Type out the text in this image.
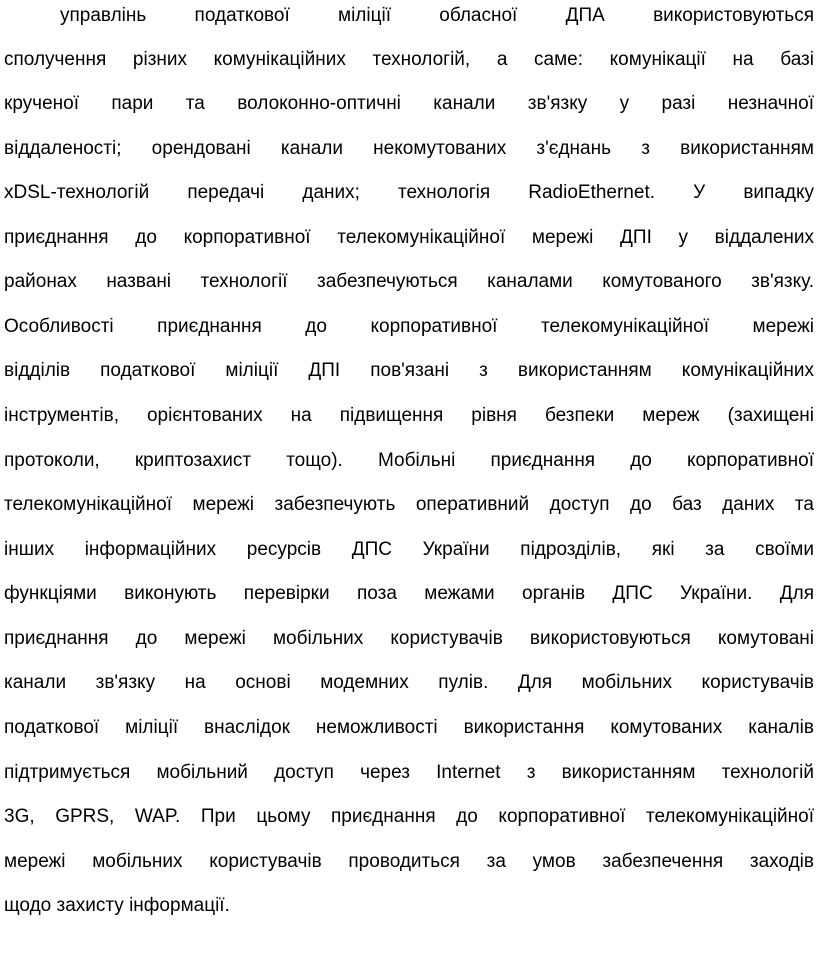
управлінь податкової міліції обласної ДПА використовуються
сполучення різних комунікаційних технологій, а саме: комунікації на базі
крученої пари та волоконно-оптичні канали зв'язку у разі незначної
віддаленості; орендовані канали некомутованих з'єднань з використанням
xDSL-технологій передачі даних; технологія RadioEthernet. У випадку
приєднання до корпоративної телекомунікаційної мережі ДПІ у віддалених
районах названі технології забезпечуються каналами комутованого зв'язку.
Особливості приєднання до корпоративної телекомунікаційної мережі
відділів податкової міліції ДПІ пов'язані з використанням комунікаційних
інструментів, орієнтованих на підвищення рівня безпеки мереж (захищені
протоколи, криптозахист тощо). Мобільні приєднання до корпоративної
телекомунікаційної мережі забезпечують оперативний доступ до баз даних та
інших інформаційних ресурсів ДПС України підрозділів, які за своїми
функціями виконують перевірки поза межами органів ДПС України. Для
приєднання до мережі мобільних користувачів використовуються комутовані
канали зв'язку на основі модемних пулів. Для мобільних користувачів
податкової міліції внаслідок неможливості використання комутованих каналів
підтримується мобільний доступ через Internet з використанням технологій
3G, GPRS, WAP. При цьому приєднання до корпоративної телекомунікаційної
мережі мобільних користувачів проводиться за умов забезпечення заходів
щодо захисту інформації.
